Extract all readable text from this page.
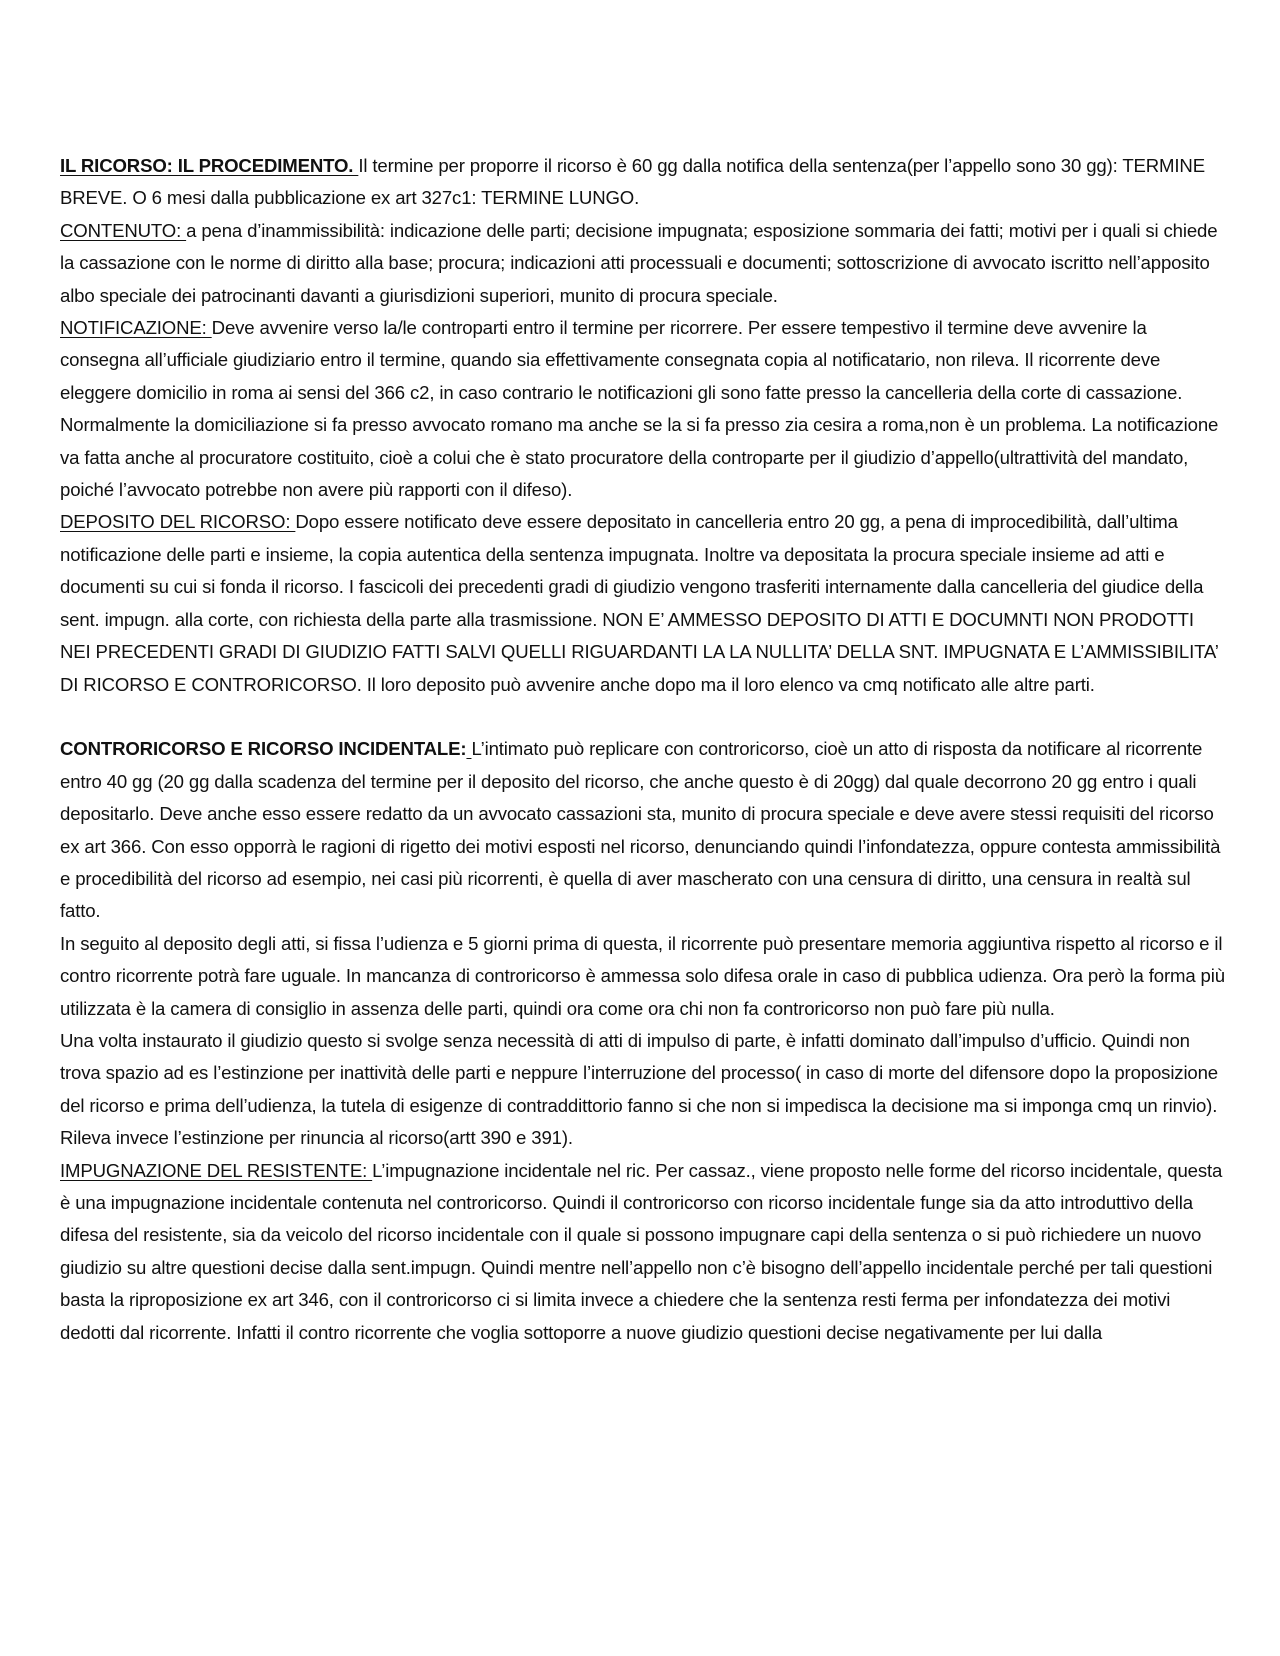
IL RICORSO: IL PROCEDIMENTO. Il termine per proporre il ricorso è 60 gg dalla notifica della sentenza(per l’appello sono 30 gg): TERMINE BREVE. O 6 mesi dalla pubblicazione ex art 327c1: TERMINE LUNGO.

CONTENUTO: a pena d’inammissibilità: indicazione delle parti; decisione impugnata; esposizione sommaria dei fatti; motivi per i quali si chiede la cassazione con le norme di diritto alla base; procura; indicazioni atti processuali e documenti; sottoscrizione di avvocato iscritto nell’apposito albo speciale dei patrocinanti davanti a giurisdizioni superiori, munito di procura speciale.

NOTIFICAZIONE: Deve avvenire verso la/le controparti entro il termine per ricorrere. Per essere tempestivo il termine deve avvenire la consegna all’ufficiale giudiziario entro il termine, quando sia effettivamente consegnata copia al notificatario, non rileva. Il ricorrente deve eleggere domicilio in roma ai sensi del 366 c2, in caso contrario le notificazioni gli sono fatte presso la cancelleria della corte di cassazione. Normalmente la domiciliazione si fa presso avvocato romano ma anche se la si fa presso zia cesira a roma,non è un problema. La notificazione va fatta anche al procuratore costituito, cioè a colui che è stato procuratore della controparte per il giudizio d’appello(ultrattività del mandato, poiché l’avvocato potrebbe non avere più rapporti con il difeso).

DEPOSITO DEL RICORSO: Dopo essere notificato deve essere depositato in cancelleria entro 20 gg, a pena di improcedibilità, dall’ultima notificazione delle parti e insieme, la copia autentica della sentenza impugnata. Inoltre va depositata la procura speciale insieme ad atti e documenti su cui si fonda il ricorso. I fascicoli dei precedenti gradi di giudizio vengono trasferiti internamente dalla cancelleria del giudice della sent. impugn. alla corte, con richiesta della parte alla trasmissione. NON E’ AMMESSO DEPOSITO DI ATTI E DOCUMNTI NON PRODOTTI NEI PRECEDENTI GRADI DI GIUDIZIO FATTI SALVI QUELLI RIGUARDANTI LA LA NULLITA’ DELLA SNT. IMPUGNATA E L’AMMISSIBILITA’ DI RICORSO E CONTRORICORSO. Il loro deposito può avvenire anche dopo ma il loro elenco va cmq notificato alle altre parti.

CONTRORICORSO E RICORSO INCIDENTALE: L’intimato può replicare con controricorso, cioè un atto di risposta da notificare al ricorrente entro 40 gg (20 gg dalla scadenza del termine per il deposito del ricorso, che anche questo è di 20gg) dal quale decorrono 20 gg entro i quali depositarlo. Deve anche esso essere redatto da un avvocato cassazioni sta, munito di procura speciale e deve avere stessi requisiti del ricorso ex art 366. Con esso opporrà le ragioni di rigetto dei motivi esposti nel ricorso, denunciando quindi l’infondatezza, oppure contesta ammissibilità e procedibilità del ricorso ad esempio, nei casi più ricorrenti, è quella di aver mascherato con una censura di diritto, una censura in realtà sul fatto.

In seguito al deposito degli atti, si fissa l’udienza e 5 giorni prima di questa, il ricorrente può presentare memoria aggiuntiva rispetto al ricorso e il contro ricorrente potrà fare uguale. In mancanza di controricorso è ammessa solo difesa orale in caso di pubblica udienza. Ora però la forma più utilizzata è la camera di consiglio in assenza delle parti, quindi ora come ora chi non fa controricorso non può fare più nulla.

Una volta instaurato il giudizio questo si svolge senza necessità di atti di impulso di parte, è infatti dominato dall’impulso d’ufficio. Quindi non trova spazio ad es l’estinzione per inattività delle parti e neppure l’interruzione del processo( in caso di morte del difensore dopo la proposizione del ricorso e prima dell’udienza, la tutela di esigenze di contraddittorio fanno si che non si impedisca la decisione ma si imponga cmq un rinvio). Rileva invece l’estinzione per rinuncia al ricorso(artt 390 e 391).

IMPUGNAZIONE DEL RESISTENTE: L’impugnazione incidentale nel ric. Per cassaz., viene proposto nelle forme del ricorso incidentale, questa è una impugnazione incidentale contenuta nel controricorso. Quindi il controricorso con ricorso incidentale funge sia da atto introduttivo della difesa del resistente, sia da veicolo del ricorso incidentale con il quale si possono impugnare capi della sentenza o si può richiedere un nuovo giudizio su altre questioni decise dalla sent.impugn. Quindi mentre nell’appello non c’è bisogno dell’appello incidentale perché per tali questioni basta la riproposizione ex art 346, con il controricorso ci si limita invece a chiedere che la sentenza resti ferma per infondatezza dei motivi dedotti dal ricorrente. Infatti il contro ricorrente che voglia sottoporre a nuove giudizio questioni decise negativamente per lui dalla
